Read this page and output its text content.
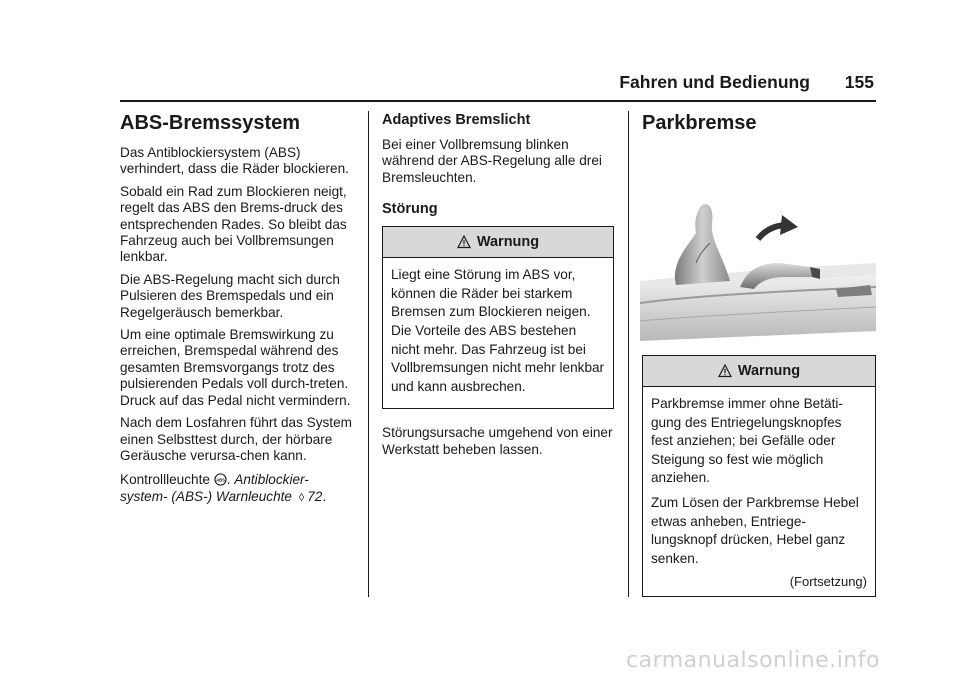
Fahren und Bedienung 155
ABS-Bremssystem

Das Antiblockiersystem (ABS) verhindert, dass die Räder blockieren.

Sobald ein Rad zum Blockieren neigt, regelt das ABS den Brems-druck des entsprechenden Rades. So bleibt das Fahrzeug auch bei Vollbremsungen lenkbar.

Die ABS-Regelung macht sich durch Pulsieren des Bremspedals und ein Regelgeräusch bemerkbar.

Um eine optimale Bremswirkung zu erreichen, Bremspedal während des gesamten Bremsvorgangs trotz des pulsierenden Pedals voll durch-treten. Druck auf das Pedal nicht vermindern.

Nach dem Losfahren führt das System einen Selbsttest durch, der hörbare Geräusche verursa-chen kann.

Kontrollleuchte ABS . Antiblockier-system- (ABS-) Warnleuchte ◊ 72.

Adaptives Bremslicht

Bei einer Vollbremsung blinken während der ABS-Regelung alle drei Bremsleuchten.

Störung
Warnung

Liegt eine Störung im ABS vor, können die Räder bei starkem Bremsen zum Blockieren neigen. Die Vorteile des ABS bestehen nicht mehr. Das Fahrzeug ist bei Vollbremsungen nicht mehr lenkbar und kann ausbrechen.

Störungsursache umgehend von einer Werkstatt beheben lassen.

Parkbremse
Warnung

Parkbremse immer ohne Betäti-gung des Entriegelungsknopfes fest anziehen; bei Gefälle oder Steigung so fest wie möglich anziehen.

Zum Lösen der Parkbremse Hebel etwas anheben, Entriege-lungsknopf drücken, Hebel ganz senken.

(Fortsetzung)
carmanualsonline.info
